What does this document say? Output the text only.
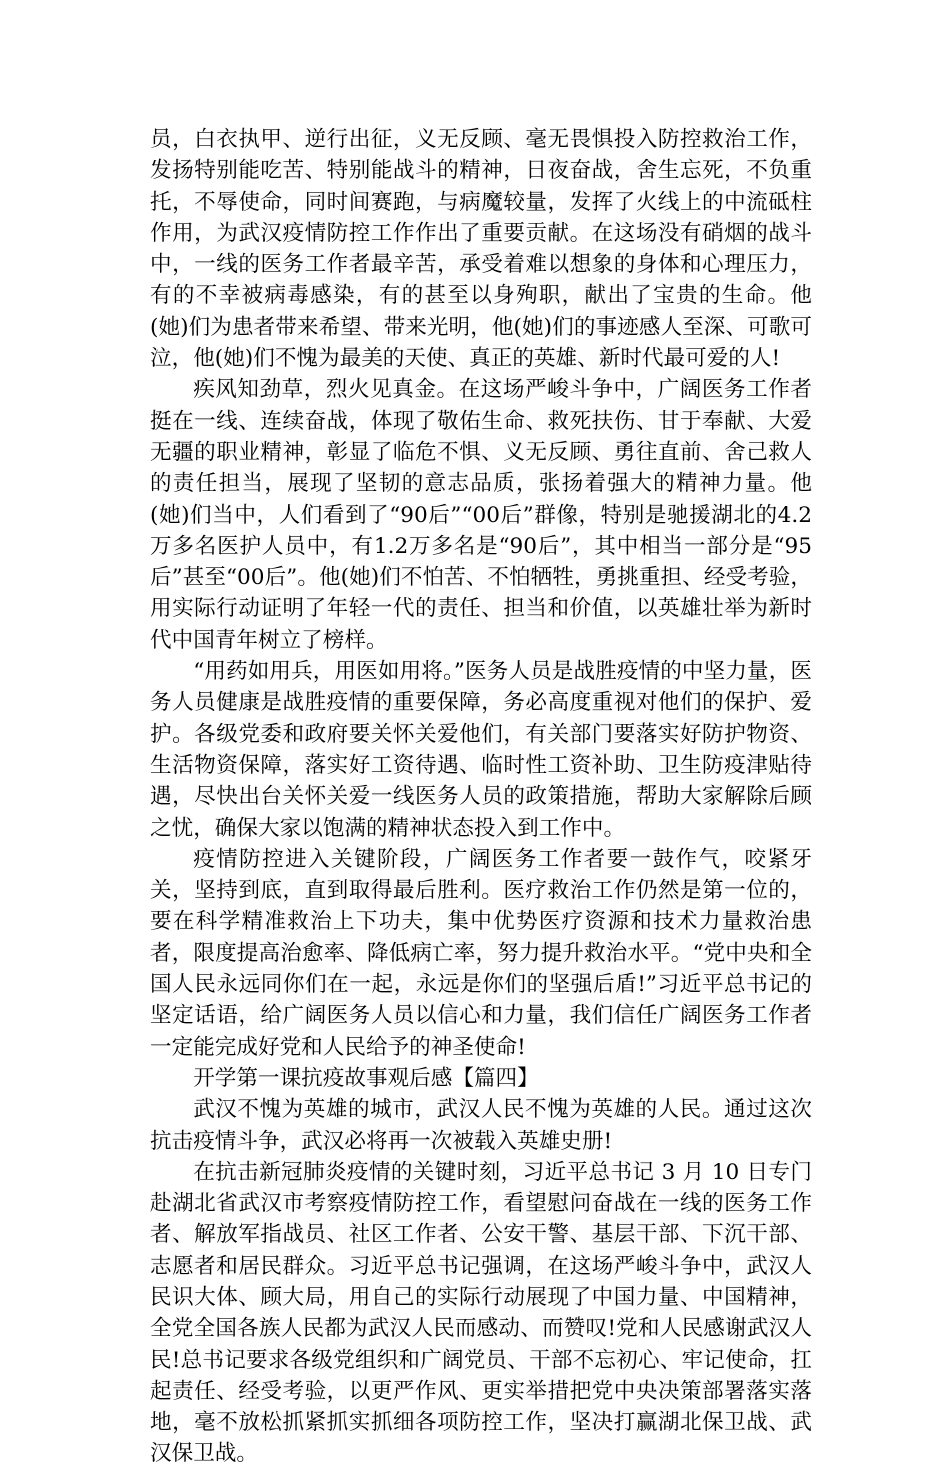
员，白衣执甲、逆行出征，义无反顾、毫无畏惧投入防控救治工作，发扬特别能吃苦、特别能战斗的精神，日夜奋战，舍生忘死，不负重托，不辱使命，同时间赛跑，与病魔较量，发挥了火线上的中流砥柱作用，为武汉疫情防控工作作出了重要贡献。在这场没有硝烟的战斗中，一线的医务工作者最辛苦，承受着难以想象的身体和心理压力，有的不幸被病毒感染，有的甚至以身殉职，献出了宝贵的生命。他(她)们为患者带来希望、带来光明，他(她)们的事迹感人至深、可歌可泣，他(她)们不愧为最美的天使、真正的英雄、新时代最可爱的人!

疾风知劲草，烈火见真金。在这场严峻斗争中，广阔医务工作者挺在一线、连续奋战，体现了敬佑生命、救死扶伤、甘于奉献、大爱无疆的职业精神，彰显了临危不惧、义无反顾、勇往直前、舍己救人的责任担当，展现了坚韧的意志品质，张扬着强大的精神力量。他(她)们当中，人们看到了“90后”“00后”群像，特别是驰援湖北的4.2万多名医护人员中，有1.2万多名是“90后”，其中相当一部分是“95后”甚至“00后”。他(她)们不怕苦、不怕牺牲，勇挑重担、经受考验，用实际行动证明了年轻一代的责任、担当和价值，以英雄壮举为新时代中国青年树立了榜样。

“用药如用兵，用医如用将。”医务人员是战胜疫情的中坚力量，医务人员健康是战胜疫情的重要保障，务必高度重视对他们的保护、爱护。各级党委和政府要关怀关爱他们，有关部门要落实好防护物资、生活物资保障，落实好工资待遇、临时性工资补助、卫生防疫津贴待遇，尽快出台关怀关爱一线医务人员的政策措施，帮助大家解除后顾之忧，确保大家以饱满的精神状态投入到工作中。

疫情防控进入关键阶段，广阔医务工作者要一鼓作气，咬紧牙关，坚持到底，直到取得最后胜利。医疗救治工作仍然是第一位的，要在科学精准救治上下功夫，集中优势医疗资源和技术力量救治患者，限度提高治愈率、降低病亡率，努力提升救治水平。“党中央和全国人民永远同你们在一起，永远是你们的坚强后盾!”习近平总书记的坚定话语，给广阔医务人员以信心和力量，我们信任广阔医务工作者一定能完成好党和人民给予的神圣使命!

开学第一课抗疫故事观后感【篇四】

武汉不愧为英雄的城市，武汉人民不愧为英雄的人民。通过这次抗击疫情斗争，武汉必将再一次被载入英雄史册!

在抗击新冠肺炎疫情的关键时刻，习近平总书记 3 月 10 日专门赴湖北省武汉市考察疫情防控工作，看望慰问奋战在一线的医务工作者、解放军指战员、社区工作者、公安干警、基层干部、下沉干部、志愿者和居民群众。习近平总书记强调，在这场严峻斗争中，武汉人民识大体、顾大局，用自己的实际行动展现了中国力量、中国精神，全党全国各族人民都为武汉人民而感动、而赞叹!党和人民感谢武汉人民!总书记要求各级党组织和广阔党员、干部不忘初心、牢记使命，扛起责任、经受考验，以更严作风、更实举措把党中央决策部署落实落地，毫不放松抓紧抓实抓细各项防控工作，坚决打赢湖北保卫战、武汉保卫战。
